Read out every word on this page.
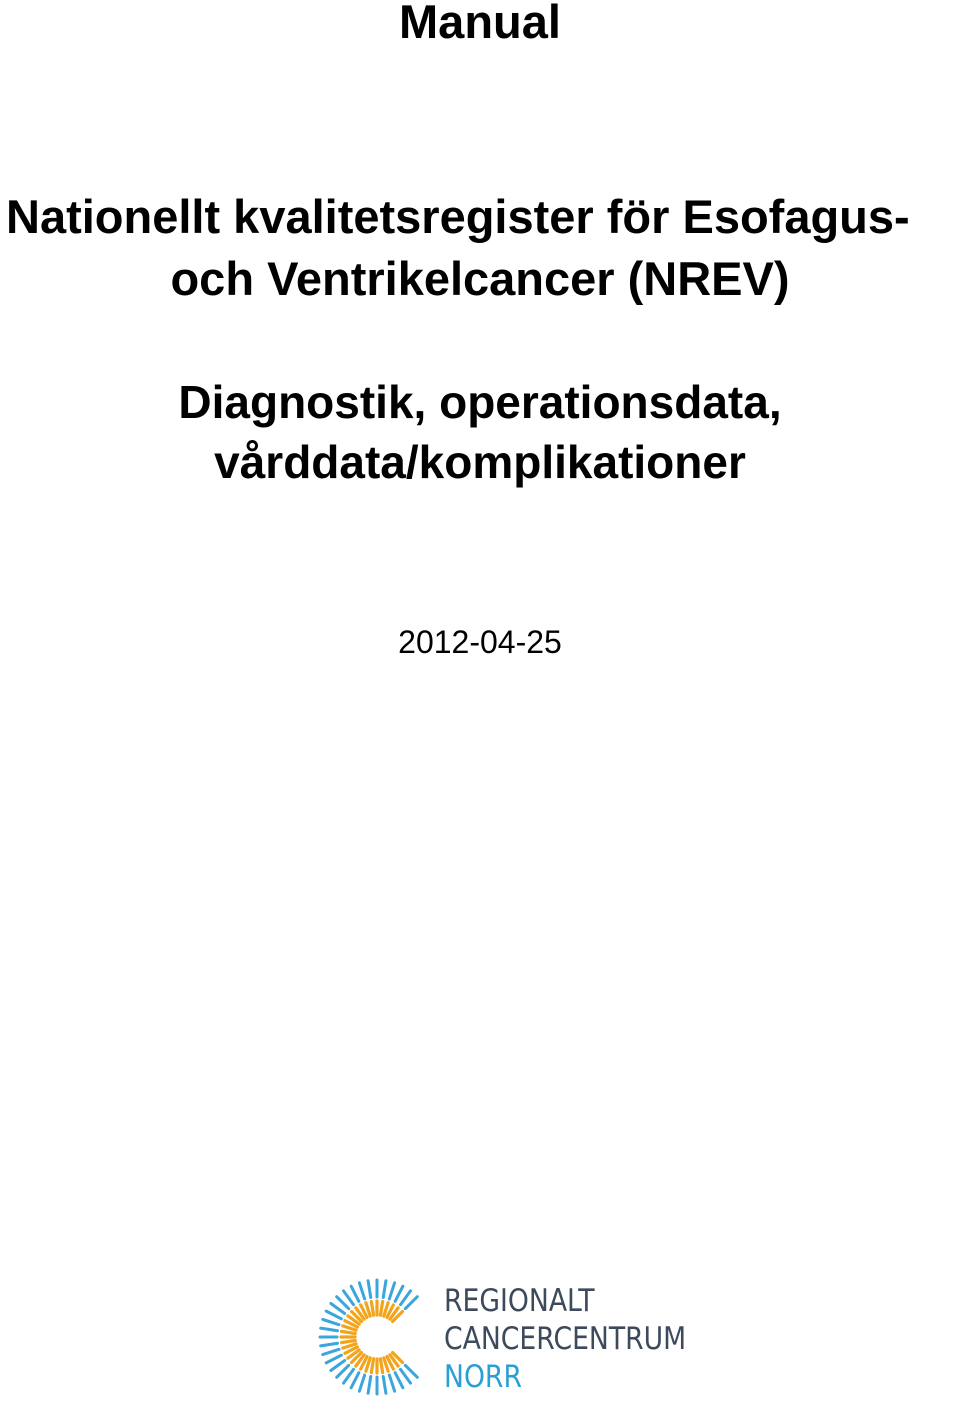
Manual
Nationellt kvalitetsregister för Esofagus-
och Ventrikelcancer (NREV)
Diagnostik, operationsdata,
vårddata/komplikationer
2012-04-25
REGIONALT
CANCERCENTRUM
NORR
